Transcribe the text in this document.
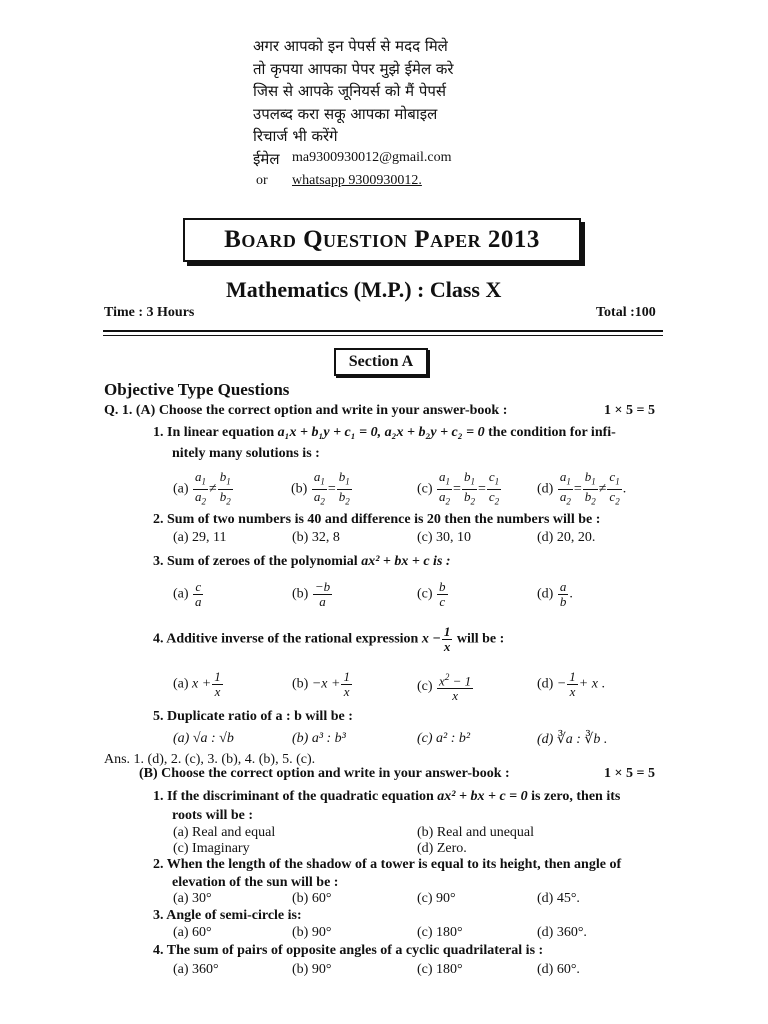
अगर आपको इन पेपर्स से मदद मिले
तो कृपया आपका पेपर मुझे ईमेल करे
जिस से आपके जूनियर्स को मैं पेपर्स
उपलब्द करा सकू आपका मोबाइल
रिचार्ज भी करेंगे
ईमेल ma9300930012@gmail.com
or whatsapp 9300930012.
Board Question Paper 2013
Mathematics (M.P.) : Class X
Time : 3 Hours	Total :100
Section A
Objective Type Questions
Q. 1. (A) Choose the correct option and write in your answer-book :	1 × 5 = 5
1. In linear equation a₁x + b₁y + c₁ = 0, a₂x + b₂y + c₂ = 0 the condition for infi-
nitely many solutions is :
$(a) \frac{a_1}{a_2} \ne \frac{b_1}{b_2}$	$(b) \frac{a_1}{a_2} = \frac{b_1}{b_2}$	$(c) \frac{a_1}{a_2} = \frac{b_1}{b_2} = \frac{c_1}{c_2}$	$(d) \frac{a_1}{a_2} = \frac{b_1}{b_2} \ne \frac{c_1}{c_2}$ .
2. Sum of two numbers is 40 and difference is 20 then the numbers will be :
(a) 29, 11	(b) 32, 8	(c) 30, 10	(d) 20, 20.
3. Sum of zeroes of the polynomial ax² + bx + c is :
$(a) \frac{c}{a}$	$(b) \frac{-b}{a}$	$(c) \frac{b}{c}$	$(d) \frac{a}{b}$ .
4. Additive inverse of the rational expression $x - \frac{1}{x}$ will be :
(a) $x + \frac{1}{x}$	$(b) -x + \frac{1}{x}$	$(c) \frac{x^2 - 1}{x}$	$(d) - \frac{1}{x} + x$ .
5. Duplicate ratio of a : b will be :
(a) √a : √b	(b) a³ : b³	(c) a² : b²	(d) ∛a : ∛b .
Ans. 1. (d), 2. (c), 3. (b), 4. (b), 5. (c).
(B) Choose the correct option and write in your answer-book :	1 × 5 = 5
1. If the discriminant of the quadratic equation ax² + bx + c = 0 is zero, then its
roots will be :
(a) Real and equal	(b) Real and unequal
(c) Imaginary	(d) Zero.
2. When the length of the shadow of a tower is equal to its height, then angle of
elevation of the sun will be :
(a) 30°	(b) 60°	(c) 90°	(d) 45°.
3. Angle of semi-circle is:
(a) 60°	(b) 90°	(c) 180°	(d) 360°.
4. The sum of pairs of opposite angles of a cyclic quadrilateral is :
(a) 360°	(b) 90°	(c) 180°	(d) 60°.
